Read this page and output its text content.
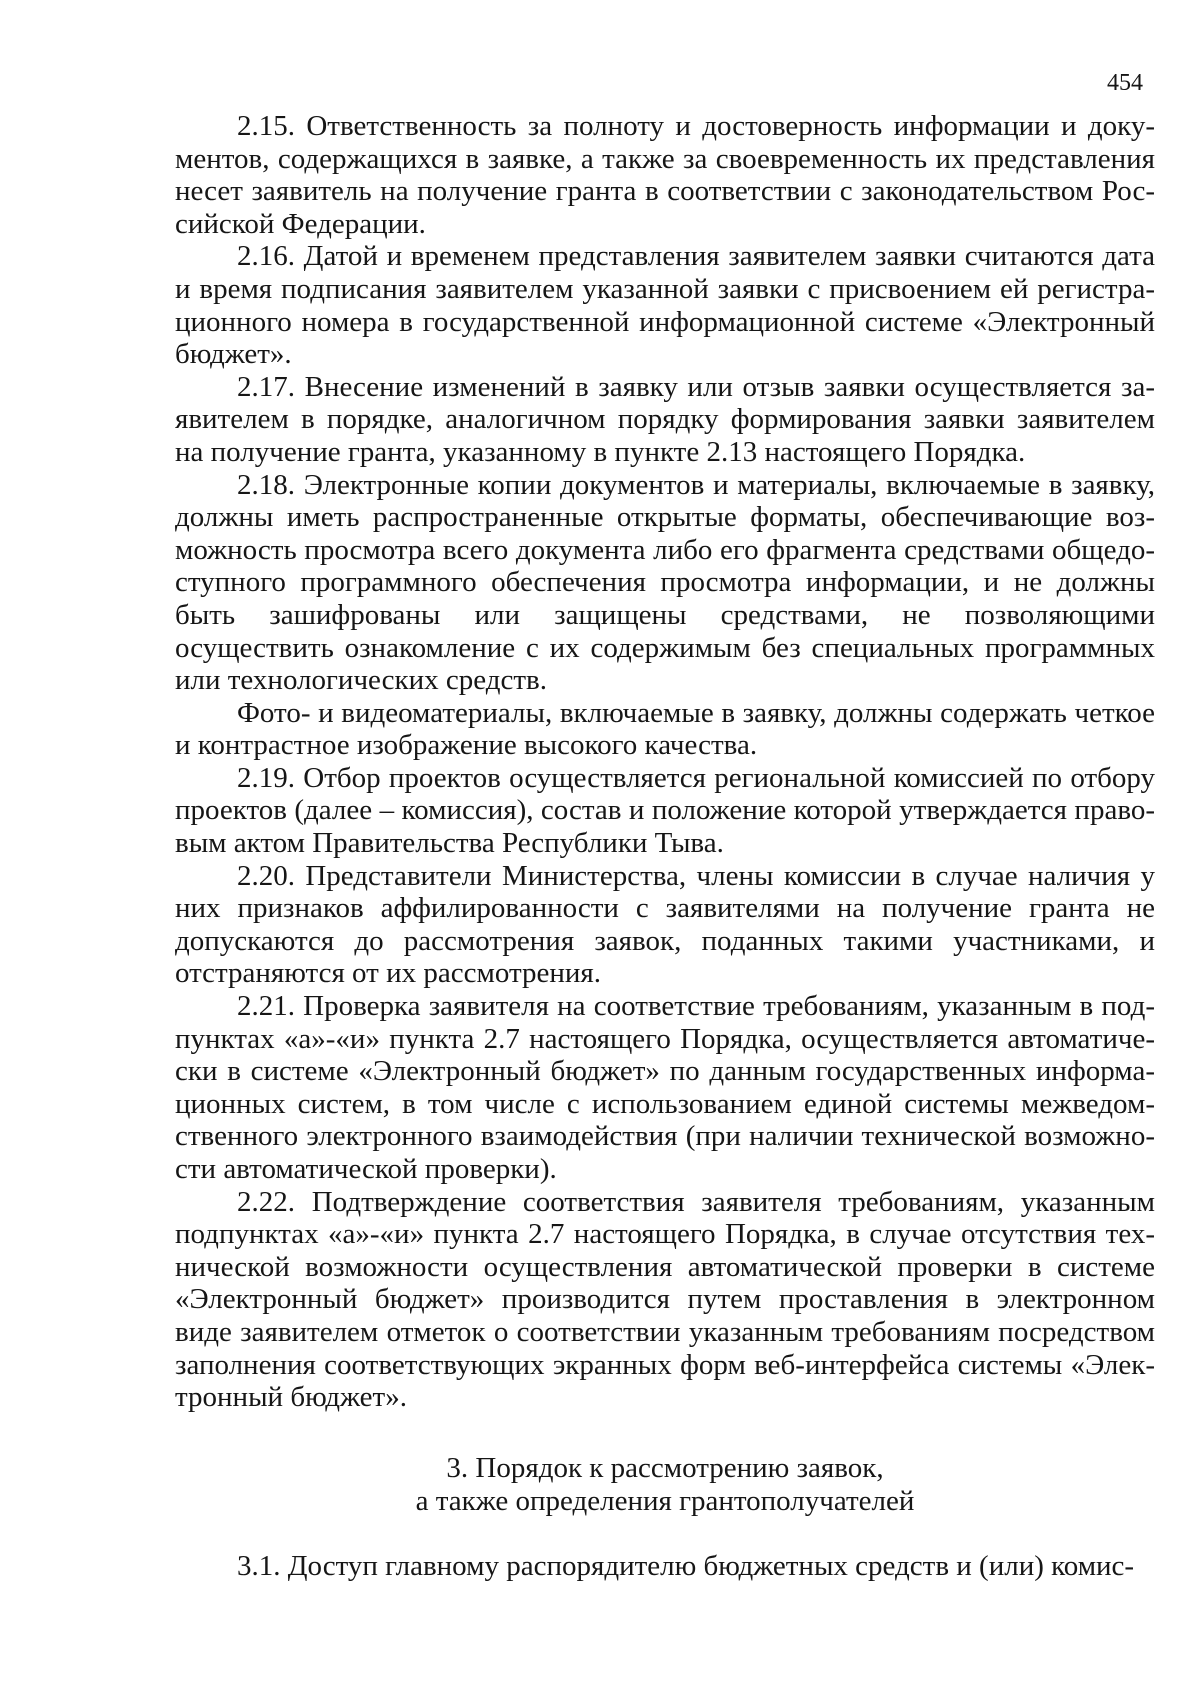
454

2.15. Ответственность за полноту и достоверность информации и документов, содержащихся в заявке, а также за своевременность их представления несет заявитель на получение гранта в соответствии с законодательством Российской Федерации.

2.16. Датой и временем представления заявителем заявки считаются дата и время подписания заявителем указанной заявки с присвоением ей регистрационного номера в государственной информационной системе «Электронный бюджет».

2.17. Внесение изменений в заявку или отзыв заявки осуществляется заявителем в порядке, аналогичном порядку формирования заявки заявителем на получение гранта, указанному в пункте 2.13 настоящего Порядка.

2.18. Электронные копии документов и материалы, включаемые в заявку, должны иметь распространенные открытые форматы, обеспечивающие возможность просмотра всего документа либо его фрагмента средствами общедоступного программного обеспечения просмотра информации, и не должны быть зашифрованы или защищены средствами, не позволяющими осуществить ознакомление с их содержимым без специальных программных или технологических средств.

Фото- и видеоматериалы, включаемые в заявку, должны содержать четкое и контрастное изображение высокого качества.

2.19. Отбор проектов осуществляется региональной комиссией по отбору проектов (далее – комиссия), состав и положение которой утверждается правовым актом Правительства Республики Тыва.

2.20. Представители Министерства, члены комиссии в случае наличия у них признаков аффилированности с заявителями на получение гранта не допускаются до рассмотрения заявок, поданных такими участниками, и отстраняются от их рассмотрения.

2.21. Проверка заявителя на соответствие требованиям, указанным в подпунктах «а»-«и» пункта 2.7 настоящего Порядка, осуществляется автоматически в системе «Электронный бюджет» по данным государственных информационных систем, в том числе с использованием единой системы межведомственного электронного взаимодействия (при наличии технической возможности автоматической проверки).

2.22. Подтверждение соответствия заявителя требованиям, указанным подпунктах «а»-«и» пункта 2.7 настоящего Порядка, в случае отсутствия технической возможности осуществления автоматической проверки в системе «Электронный бюджет» производится путем проставления в электронном виде заявителем отметок о соответствии указанным требованиям посредством заполнения соответствующих экранных форм веб-интерфейса системы «Электронный бюджет».

3. Порядок к рассмотрению заявок,
а также определения грантополучателей

3.1. Доступ главному распорядителю бюджетных средств и (или) комис-
